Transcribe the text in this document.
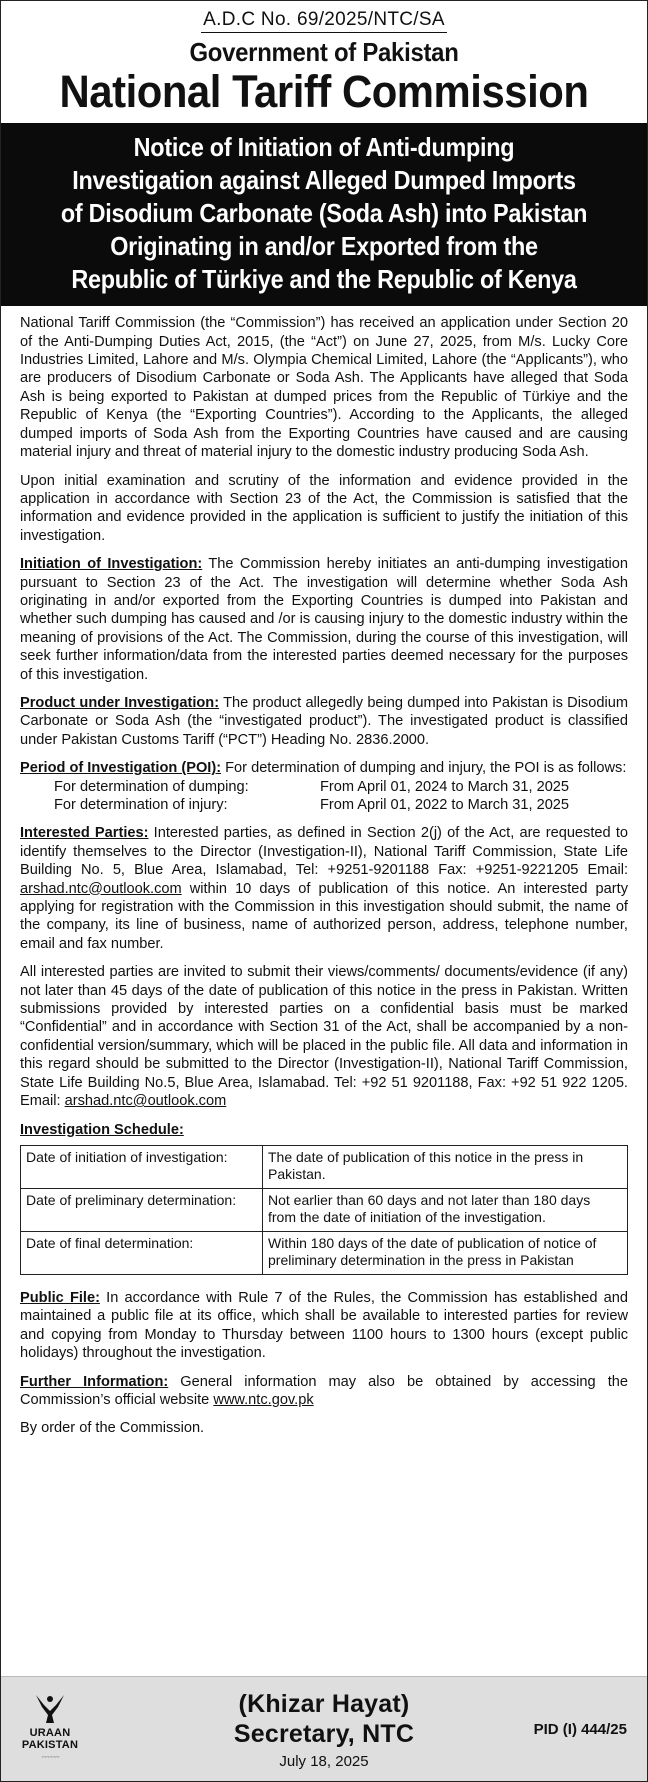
A.D.C No. 69/2025/NTC/SA
Government of Pakistan
National Tariff Commission
Notice of Initiation of Anti-dumping
Investigation against Alleged Dumped Imports
of Disodium Carbonate (Soda Ash) into Pakistan
Originating in and/or Exported from the
Republic of Türkiye and the Republic of Kenya

National Tariff Commission (the “Commission”) has received an application under Section 20 of the Anti-Dumping Duties Act, 2015, (the “Act”) on June 27, 2025, from M/s. Lucky Core Industries Limited, Lahore and M/s. Olympia Chemical Limited, Lahore (the “Applicants”), who are producers of Disodium Carbonate or Soda Ash. The Applicants have alleged that Soda Ash is being exported to Pakistan at dumped prices from the Republic of Türkiye and the Republic of Kenya (the “Exporting Countries”). According to the Applicants, the alleged dumped imports of Soda Ash from the Exporting Countries have caused and are causing material injury and threat of material injury to the domestic industry producing Soda Ash.

Upon initial examination and scrutiny of the information and evidence provided in the application in accordance with Section 23 of the Act, the Commission is satisfied that the information and evidence provided in the application is sufficient to justify the initiation of this investigation.

Initiation of Investigation: The Commission hereby initiates an anti-dumping investigation pursuant to Section 23 of the Act. The investigation will determine whether Soda Ash originating in and/or exported from the Exporting Countries is dumped into Pakistan and whether such dumping has caused and /or is causing injury to the domestic industry within the meaning of provisions of the Act. The Commission, during the course of this investigation, will seek further information/data from the interested parties deemed necessary for the purposes of this investigation.

Product under Investigation: The product allegedly being dumped into Pakistan is Disodium Carbonate or Soda Ash (the “investigated product”). The investigated product is classified under Pakistan Customs Tariff (“PCT”) Heading No. 2836.2000.

Period of Investigation (POI): For determination of dumping and injury, the POI is as follows:
For determination of dumping:	From April 01, 2024 to March 31, 2025
For determination of injury:	From April 01, 2022 to March 31, 2025

Interested Parties: Interested parties, as defined in Section 2(j) of the Act, are requested to identify themselves to the Director (Investigation-II), National Tariff Commission, State Life Building No. 5, Blue Area, Islamabad, Tel: +9251-9201188 Fax: +9251-9221205 Email: arshad.ntc@outlook.com within 10 days of publication of this notice. An interested party applying for registration with the Commission in this investigation should submit, the name of the company, its line of business, name of authorized person, address, telephone number, email and fax number.

All interested parties are invited to submit their views/comments/ documents/evidence (if any) not later than 45 days of the date of publication of this notice in the press in Pakistan. Written submissions provided by interested parties on a confidential basis must be marked “Confidential” and in accordance with Section 31 of the Act, shall be accompanied by a non-confidential version/summary, which will be placed in the public file. All data and information in this regard should be submitted to the Director (Investigation-II), National Tariff Commission, State Life Building No.5, Blue Area, Islamabad. Tel: +92 51 9201188, Fax: +92 51 922 1205. Email: arshad.ntc@outlook.com

Investigation Schedule:
Date of initiation of investigation:	The date of publication of this notice in the press in Pakistan.
Date of preliminary determination:	Not earlier than 60 days and not later than 180 days from the date of initiation of the investigation.
Date of final determination:	Within 180 days of the date of publication of notice of preliminary determination in the press in Pakistan

Public File: In accordance with Rule 7 of the Rules, the Commission has established and maintained a public file at its office, which shall be available to interested parties for review and copying from Monday to Thursday between 1100 hours to 1300 hours (except public holidays) throughout the investigation.

Further Information: General information may also be obtained by accessing the Commission’s official website www.ntc.gov.pk

By order of the Commission.

URAAN
PAKISTAN
〰〰〰
(Khizar Hayat)
Secretary, NTC
July 18, 2025
PID (I) 444/25
